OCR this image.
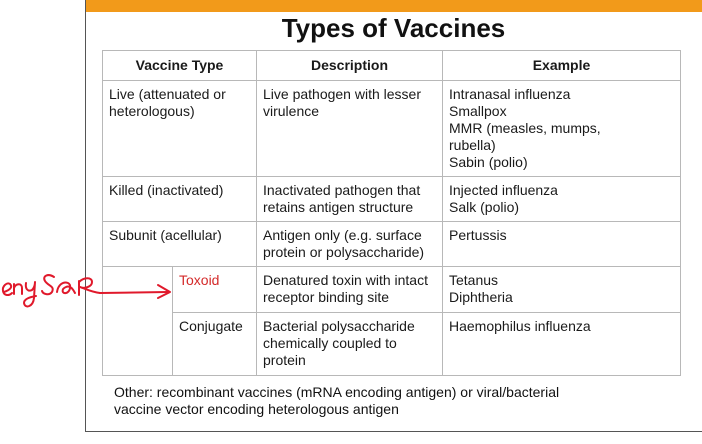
Types of Vaccines
Vaccine Type		Description	Example

Live (attenuated or
heterologous)		Live pathogen with lesser
virulence	Intranasal influenza
Smallpox
MMR (measles, mumps,
rubella)
Sabin (polio)

Killed (inactivated)		Inactivated pathogen that
retains antigen structure	Injected influenza
Salk (polio)

Subunit (acellular)		Antigen only (e.g. surface
protein or polysaccharide)	Pertussis

	Toxoid	Denatured toxin with intact
receptor binding site	Tetanus
Diphtheria

	Conjugate	Bacterial polysaccharide
chemically coupled to
protein	Haemophilus influenza
Other: recombinant vaccines (mRNA encoding antigen) or viral/bacterial
vaccine vector encoding heterologous antigen
